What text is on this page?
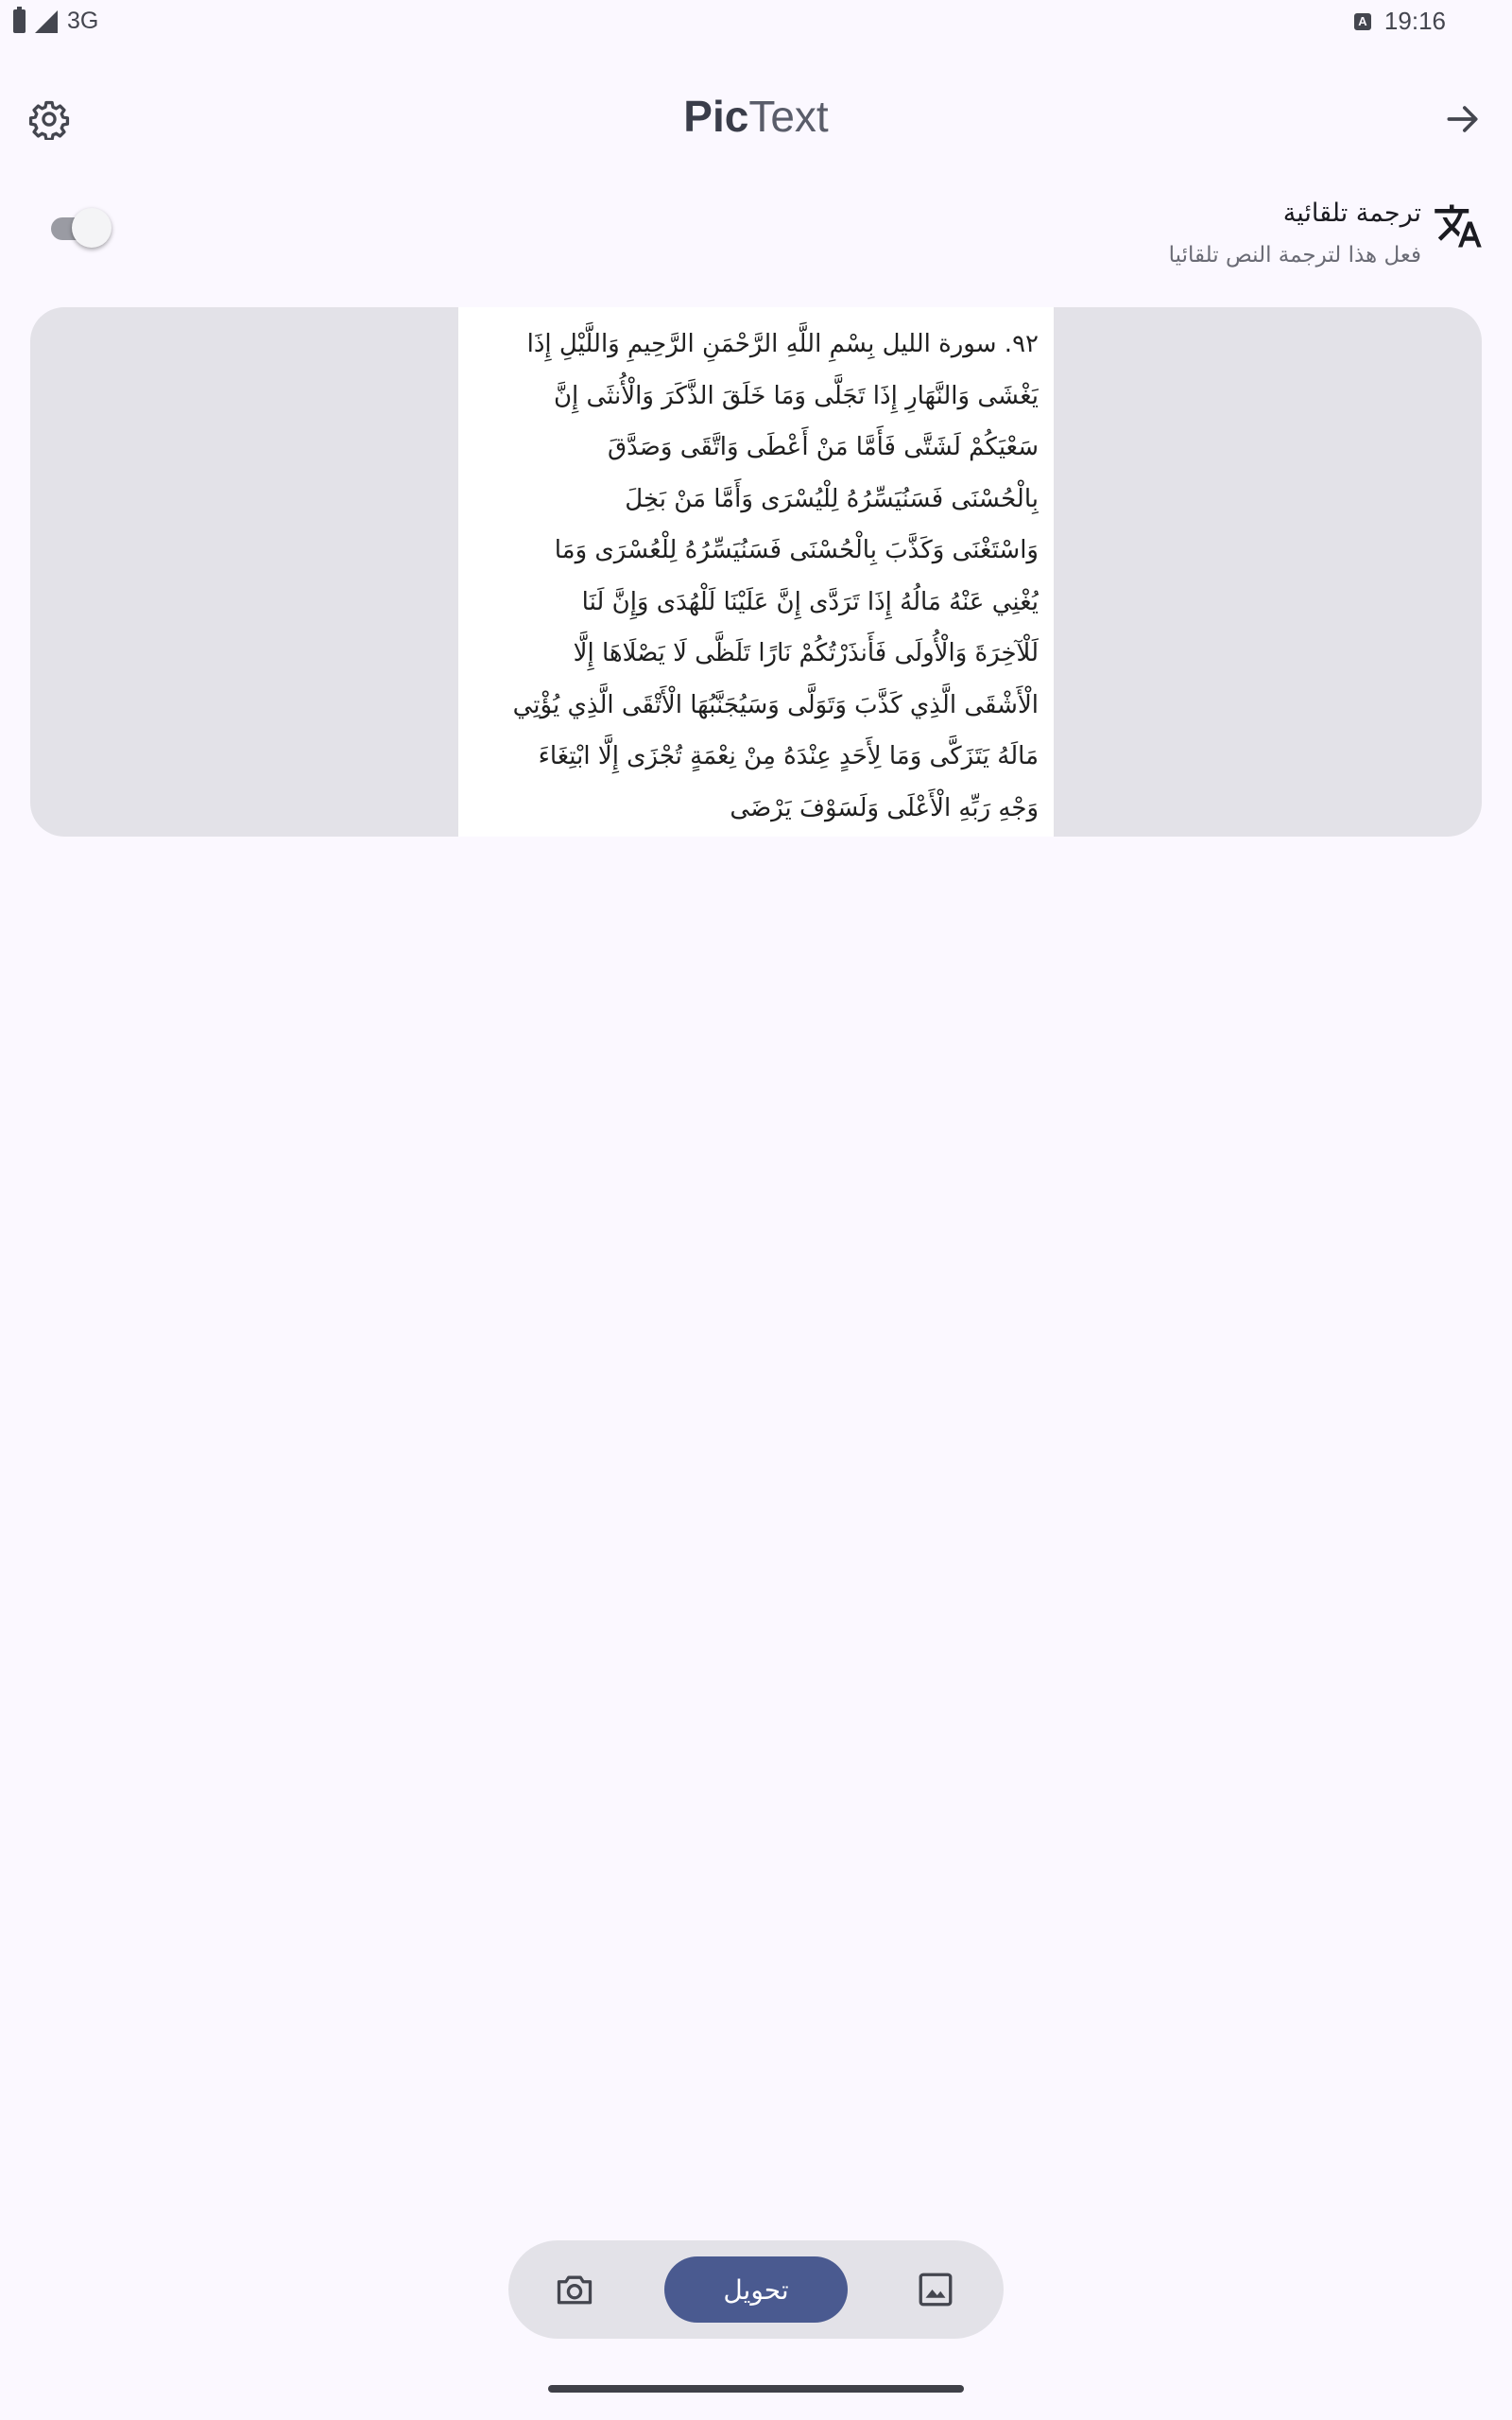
3G	A 19:16
PicText
ترجمة تلقائية
فعل هذا لترجمة النص تلقائيا
٩٢. سورة الليل بِسْمِ اللَّهِ الرَّحْمَنِ الرَّحِيمِ وَاللَّيْلِ إِذَا
يَغْشَى وَالنَّهَارِ إِذَا تَجَلَّى وَمَا خَلَقَ الذَّكَرَ وَالْأُنثَى إِنَّ
سَعْيَكُمْ لَشَتَّى فَأَمَّا مَنْ أَعْطَى وَاتَّقَى وَصَدَّقَ
بِالْحُسْنَى فَسَنُيَسِّرُهُ لِلْيُسْرَى وَأَمَّا مَنْ بَخِلَ
وَاسْتَغْنَى وَكَذَّبَ بِالْحُسْنَى فَسَنُيَسِّرُهُ لِلْعُسْرَى وَمَا
يُغْنِي عَنْهُ مَالُهُ إِذَا تَرَدَّى إِنَّ عَلَيْنَا لَلْهُدَى وَإِنَّ لَنَا
لَلْآخِرَةَ وَالْأُولَى فَأَنذَرْتُكُمْ نَارًا تَلَظَّى لَا يَصْلَاهَا إِلَّا
الْأَشْقَى الَّذِي كَذَّبَ وَتَوَلَّى وَسَيُجَنَّبُهَا الْأَتْقَى الَّذِي يُؤْتِي
مَالَهُ يَتَزَكَّى وَمَا لِأَحَدٍ عِنْدَهُ مِنْ نِعْمَةٍ تُجْزَى إِلَّا ابْتِغَاءَ
وَجْهِ رَبِّهِ الْأَعْلَى وَلَسَوْفَ يَرْضَى
تحويل
